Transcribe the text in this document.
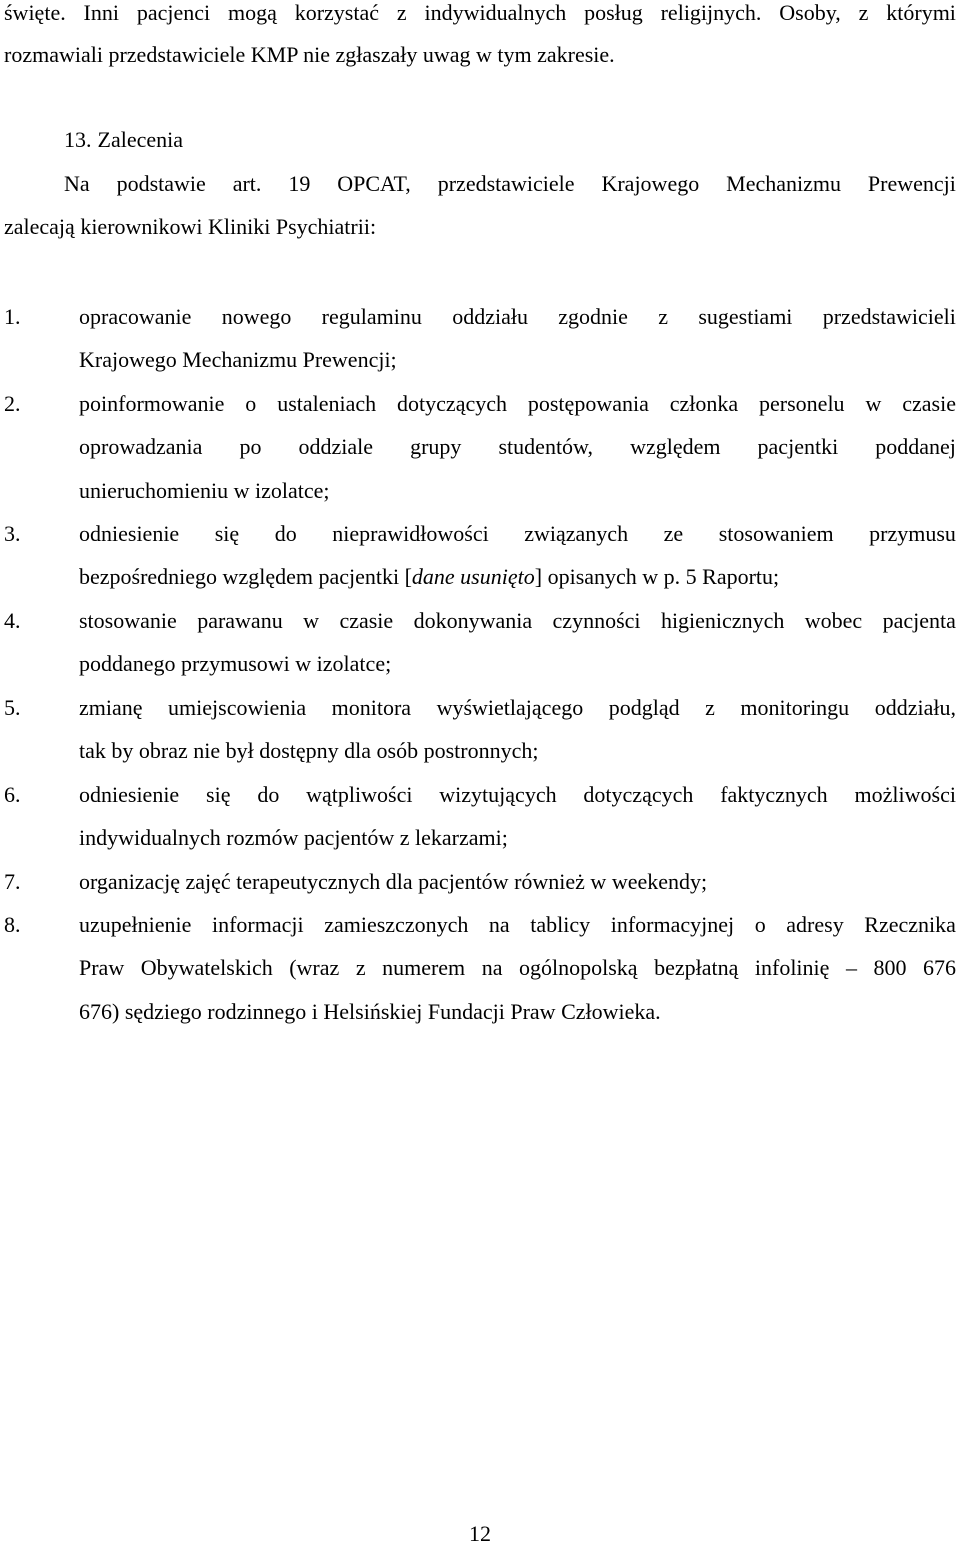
święte. Inni pacjenci mogą korzystać z indywidualnych posług religijnych. Osoby, z którymi
rozmawiali przedstawiciele KMP nie zgłaszały uwag w tym zakresie.
13. Zalecenia
Na podstawie art. 19 OPCAT, przedstawiciele Krajowego Mechanizmu Prewencji
zalecają kierownikowi Kliniki Psychiatrii:
1.	opracowanie nowego regulaminu oddziału zgodnie z sugestiami przedstawicieli
Krajowego Mechanizmu Prewencji;
2.	poinformowanie o ustaleniach dotyczących postępowania członka personelu w czasie
oprowadzania po oddziale grupy studentów, względem pacjentki poddanej
unieruchomieniu w izolatce;
3.	odniesienie się do nieprawidłowości związanych ze stosowaniem przymusu
bezpośredniego względem pacjentki [dane usunięto] opisanych w p. 5 Raportu;
4.	stosowanie parawanu w czasie dokonywania czynności higienicznych wobec pacjenta
poddanego przymusowi w izolatce;
5.	zmianę umiejscowienia monitora wyświetlającego podgląd z monitoringu oddziału,
tak by obraz nie był dostępny dla osób postronnych;
6.	odniesienie się do wątpliwości wizytujących dotyczących faktycznych możliwości
indywidualnych rozmów pacjentów z lekarzami;
7.	organizację zajęć terapeutycznych dla pacjentów również w weekendy;
8.	uzupełnienie informacji zamieszczonych na tablicy informacyjnej o adresy Rzecznika
Praw Obywatelskich (wraz z numerem na ogólnopolską bezpłatną infolinię – 800 676
676) sędziego rodzinnego i Helsińskiej Fundacji Praw Człowieka.
12
